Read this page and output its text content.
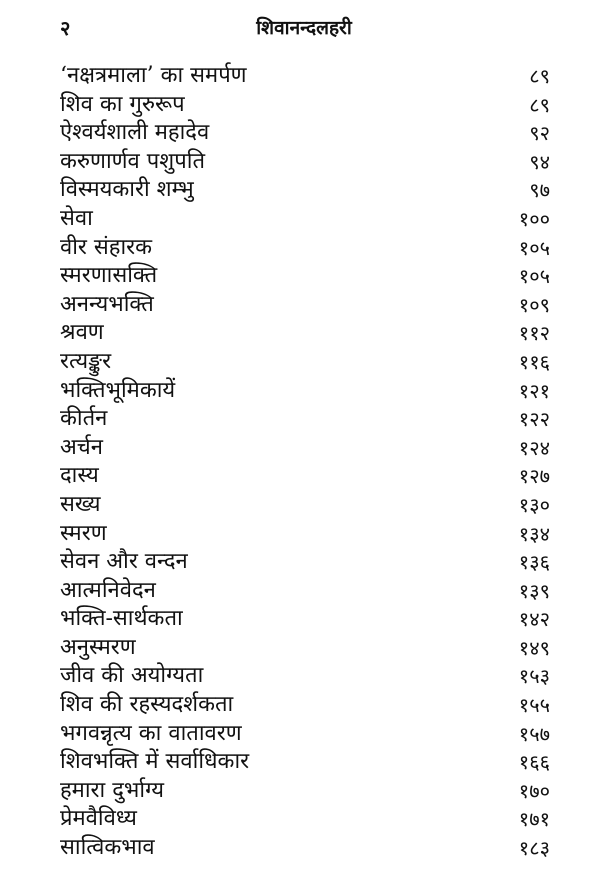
२	शिवानन्दलहरी
‘नक्षत्रमाला’ का समर्पण	८९
शिव का गुरुरूप	८९
ऐश्वर्यशाली महादेव	९२
करुणार्णव पशुपति	९४
विस्मयकारी शम्भु	९७
सेवा	१००
वीर संहारक	१०५
स्मरणासक्ति	१०५
अनन्यभक्ति	१०९
श्रवण	११२
रत्यङ्कुर	११६
भक्तिभूमिकायें	१२१
कीर्तन	१२२
अर्चन	१२४
दास्य	१२७
सख्य	१३०
स्मरण	१३४
सेवन और वन्दन	१३६
आत्मनिवेदन	१३९
भक्ति-सार्थकता	१४२
अनुस्मरण	१४९
जीव की अयोग्यता	१५३
शिव की रहस्यदर्शकता	१५५
भगवन्नृत्य का वातावरण	१५७
शिवभक्ति में सर्वाधिकार	१६६
हमारा दुर्भाग्य	१७०
प्रेमवैविध्य	१७१
सात्विकभाव	१८३
